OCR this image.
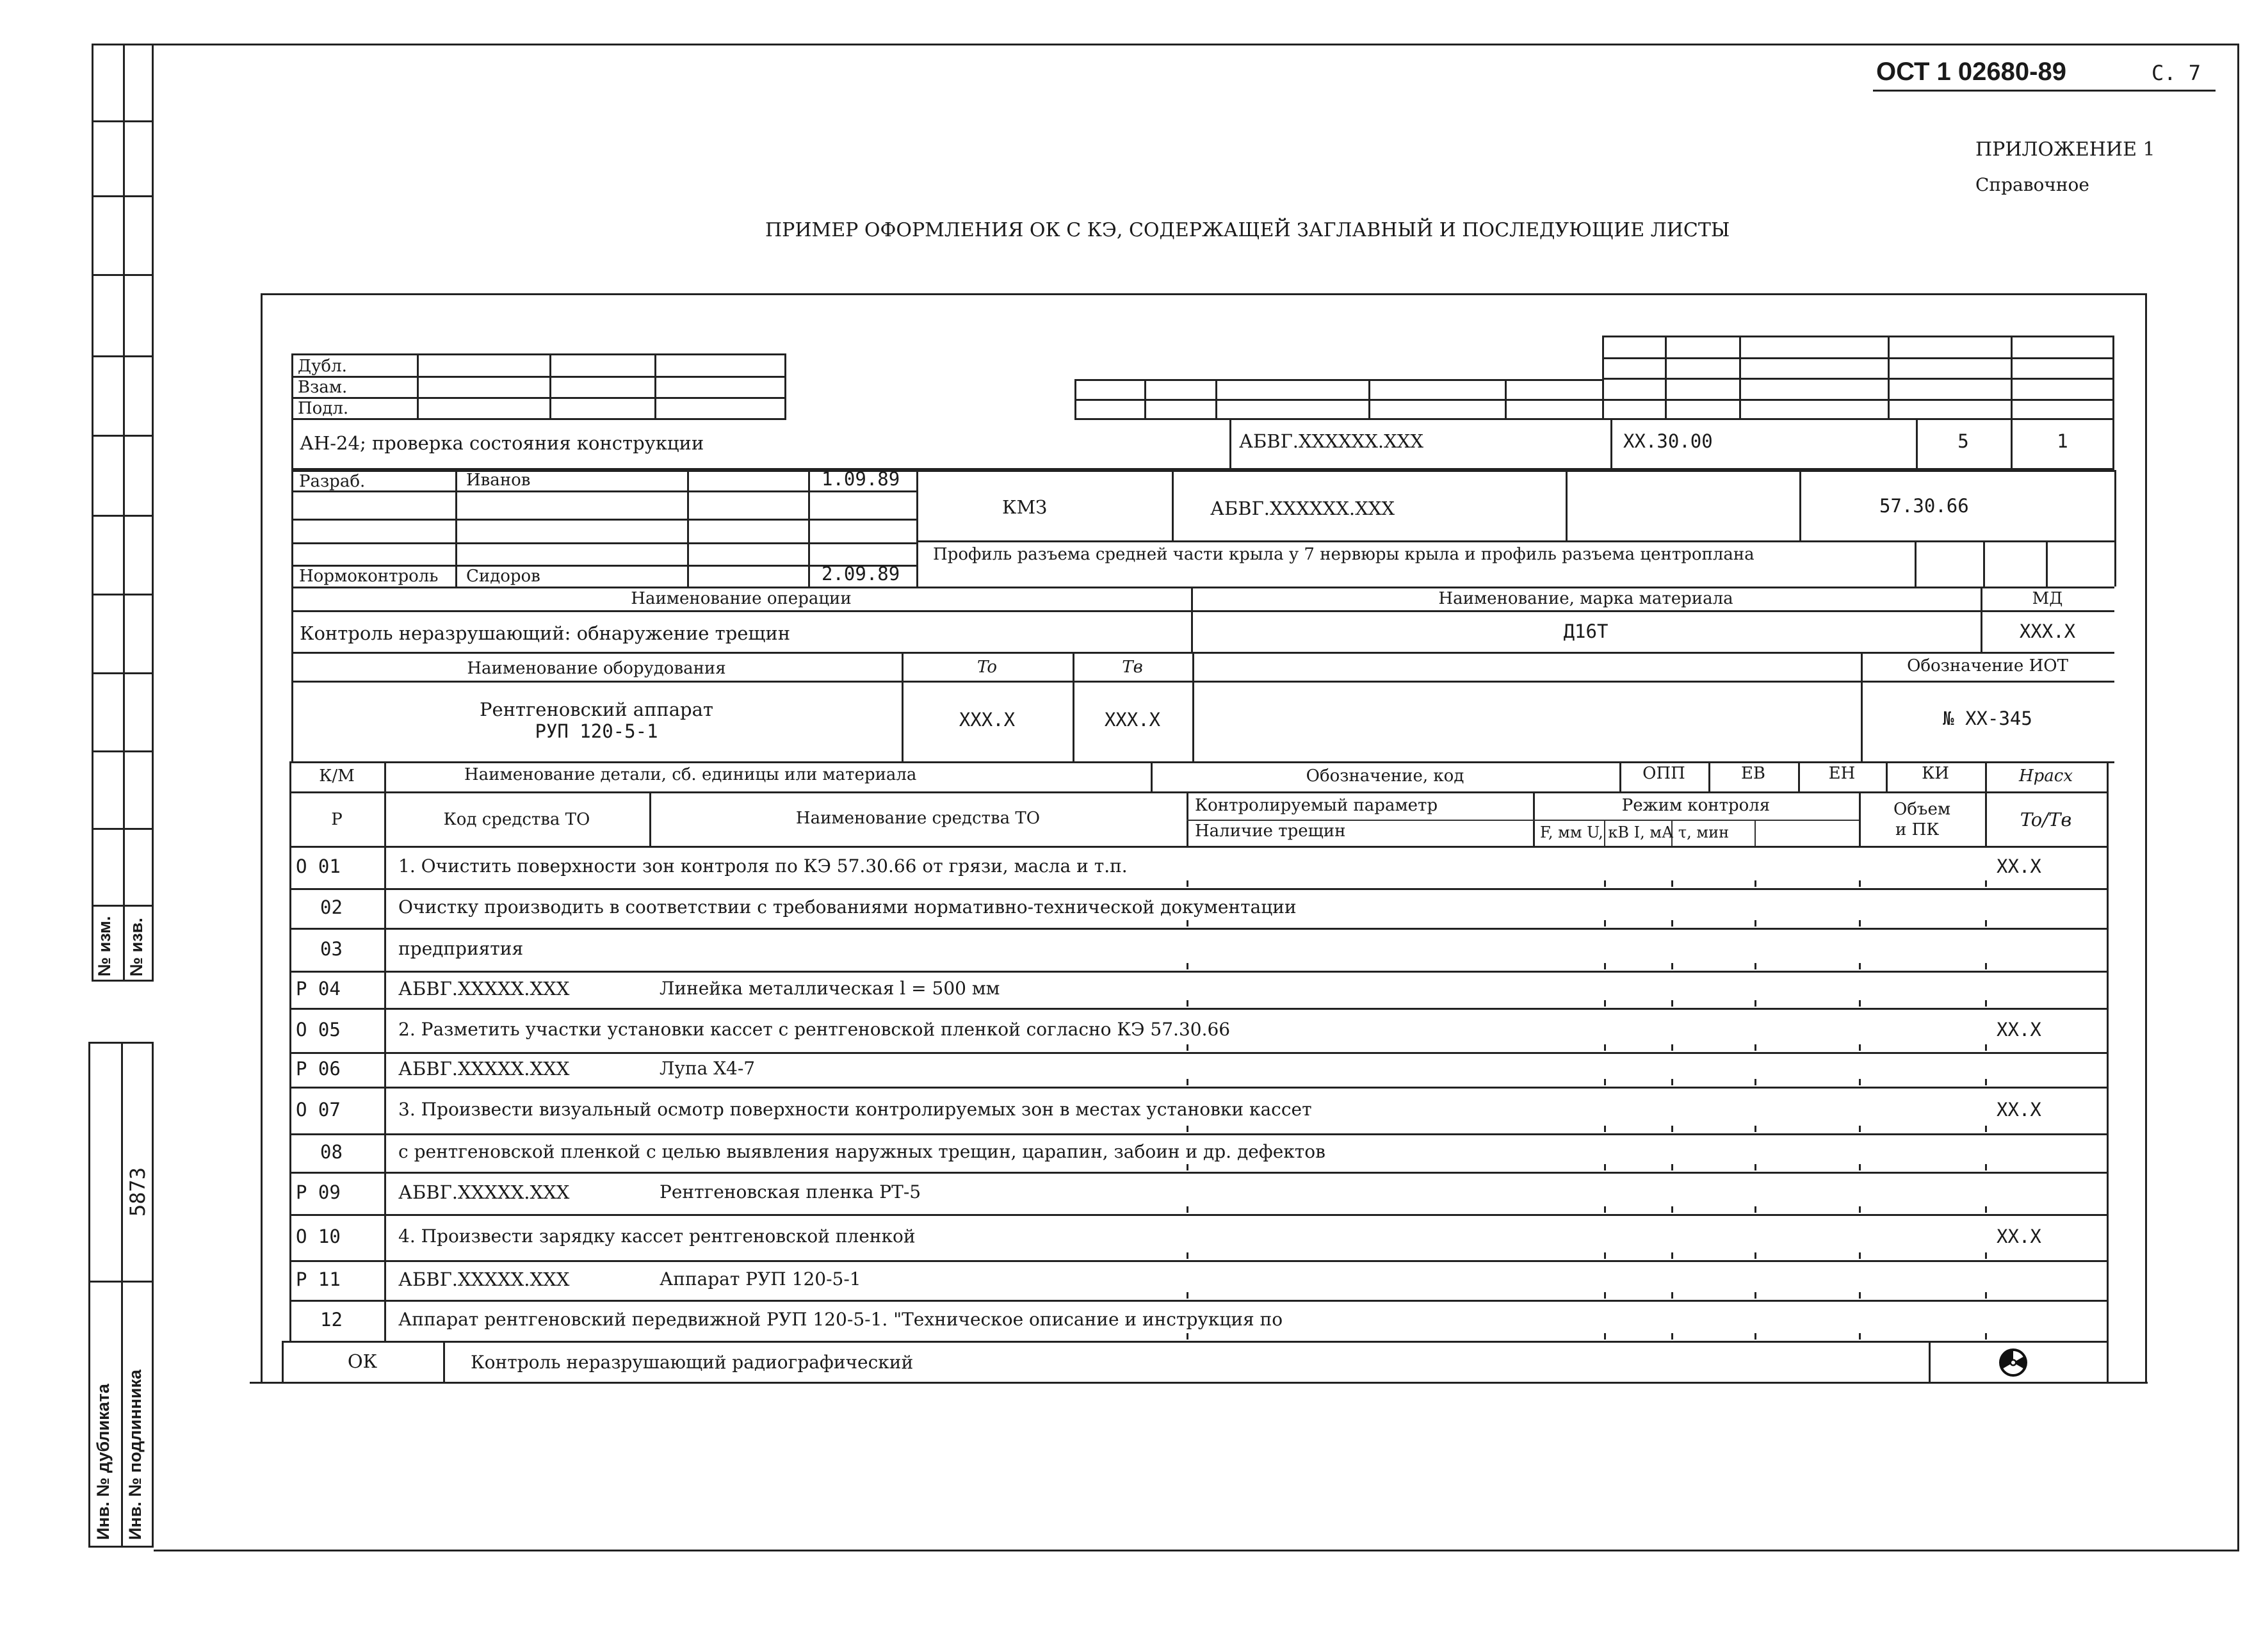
№ изм. № изв.
5873
Инв. № дубликата Инв. № подлинника
ОСТ 1 02680-89	С. 7
ПРИЛОЖЕНИЕ 1
Справочное
ПРИМЕР ОФОРМЛЕНИЯ ОК С КЭ, СОДЕРЖАЩЕЙ ЗАГЛАВНЫЙ И ПОСЛЕДУЮЩИЕ ЛИСТЫ
Дубл.
Взам.
Подл.
АН-24; проверка состояния конструкции	АБВГ.XXXXXX.XXX	XX.30.00	5	1
Разраб.	Иванов	1.09.89
Нормоконтроль Сидоров	2.09.89
КМЗ	АБВГ.XXXXXX.XXX	57.30.66
Профиль разъема средней части крыла у 7 нервюры крыла и профиль разъема центроплана
Наименование операции	Наименование, марка материала	МД
Контроль неразрушающий: обнаружение трещин	Д16Т	XXX.X
Наименование оборудования	To	Tв	Обозначение ИОТ
Рентгеновский аппарат
РУП 120-5-1
XXX.X	XXX.X	№ XX-345
К/М	Наименование детали, сб. единицы или материала	Обозначение, код	ОПП	ЕВ	ЕН	КИ	Нрасх
Р	Код средства ТО	Наименование средства ТО
Контролируемый параметр
Наличие трещин
Режим контроля
F, мм U, кВ I, мА τ, мин
Объем
и ПК	To/Tв
О 01	1. Очистить поверхности зон контроля по КЭ 57.30.66 от грязи, масла и т.п.	XX.X
02	Очистку производить в соответствии с требованиями нормативно-технической документации
03	предприятия
Р 04	АБВГ.XXXXX.XXX	Линейка металлическая l = 500 мм
О 05	2. Разметить участки установки кассет с рентгеновской пленкой согласно КЭ 57.30.66	XX.X
Р 06	АБВГ.XXXXX.XXX	Лупа X4-7
О 07	3. Произвести визуальный осмотр поверхности контролируемых зон в местах установки кассет	XX.X
08	с рентгеновской пленкой с целью выявления наружных трещин, царапин, забоин и др. дефектов
Р 09	АБВГ.XXXXX.XXX	Рентгеновская пленка РТ-5
О 10	4. Произвести зарядку кассет рентгеновской пленкой	XX.X
Р 11	АБВГ.XXXXX.XXX	Аппарат РУП 120-5-1
12	Аппарат рентгеновский передвижной РУП 120-5-1. "Техническое описание и инструкция по
ОК	Контроль неразрушающий радиографический
